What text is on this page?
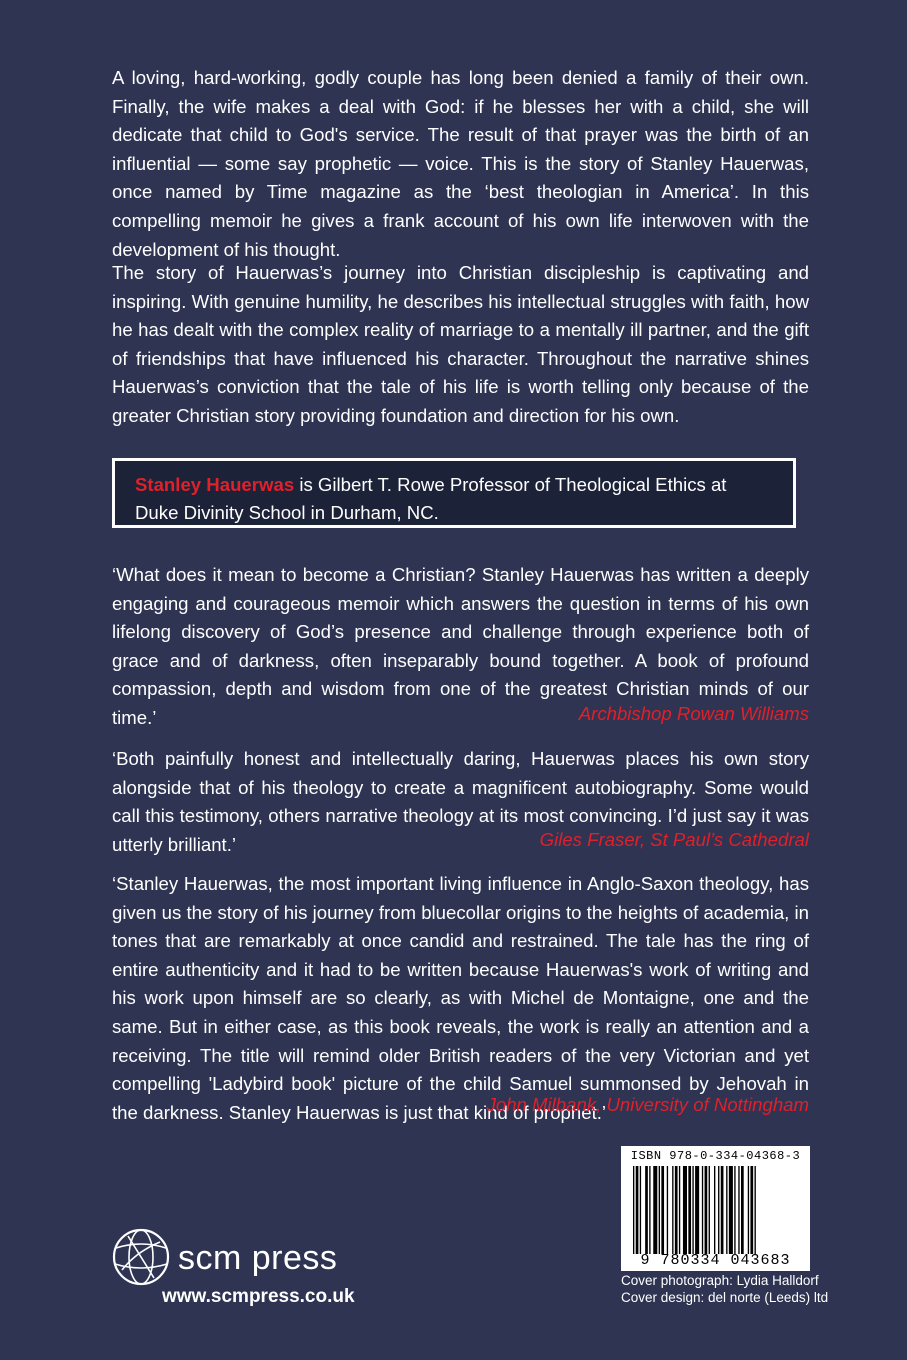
A loving, hard-working, godly couple has long been denied a family of their own. Finally, the wife makes a deal with God: if he blesses her with a child, she will dedicate that child to God's service. The result of that prayer was the birth of an influential — some say prophetic — voice. This is the story of Stanley Hauerwas, once named by Time magazine as the ‘best theologian in America’. In this compelling memoir he gives a frank account of his own life interwoven with the development of his thought.

The story of Hauerwas’s journey into Christian discipleship is captivating and inspiring. With genuine humility, he describes his intellectual struggles with faith, how he has dealt with the complex reality of marriage to a mentally ill partner, and the gift of friendships that have influenced his character. Throughout the narrative shines Hauerwas’s conviction that the tale of his life is worth telling only because of the greater Christian story providing foundation and direction for his own.

Stanley Hauerwas is Gilbert T. Rowe Professor of Theological Ethics at Duke Divinity School in Durham, NC.

‘What does it mean to become a Christian? Stanley Hauerwas has written a deeply engaging and courageous memoir which answers the question in terms of his own lifelong discovery of God’s presence and challenge through experience both of grace and of darkness, often inseparably bound together. A book of profound compassion, depth and wisdom from one of the greatest Christian minds of our time.’	Archbishop Rowan Williams

‘Both painfully honest and intellectually daring, Hauerwas places his own story alongside that of his theology to create a magnificent autobiography. Some would call this testimony, others narrative theology at its most convincing. I’d just say it was utterly brilliant.’	Giles Fraser, St Paul’s Cathedral

‘Stanley Hauerwas, the most important living influence in Anglo-Saxon theology, has given us the story of his journey from bluecollar origins to the heights of academia, in tones that are remarkably at once candid and restrained. The tale has the ring of entire authenticity and it had to be written because Hauerwas's work of writing and his work upon himself are so clearly, as with Michel de Montaigne, one and the same. But in either case, as this book reveals, the work is really an attention and a receiving. The title will remind older British readers of the very Victorian and yet compelling 'Ladybird book' picture of the child Samuel summonsed by Jehovah in the darkness. Stanley Hauerwas is just that kind of prophet.’

John Milbank, University of Nottingham
ISBN 978-0-334-04368-3
9 780334 043683
Cover photograph: Lydia Halldorf
Cover design: del norte (Leeds) ltd
scm press
www.scmpress.co.uk
